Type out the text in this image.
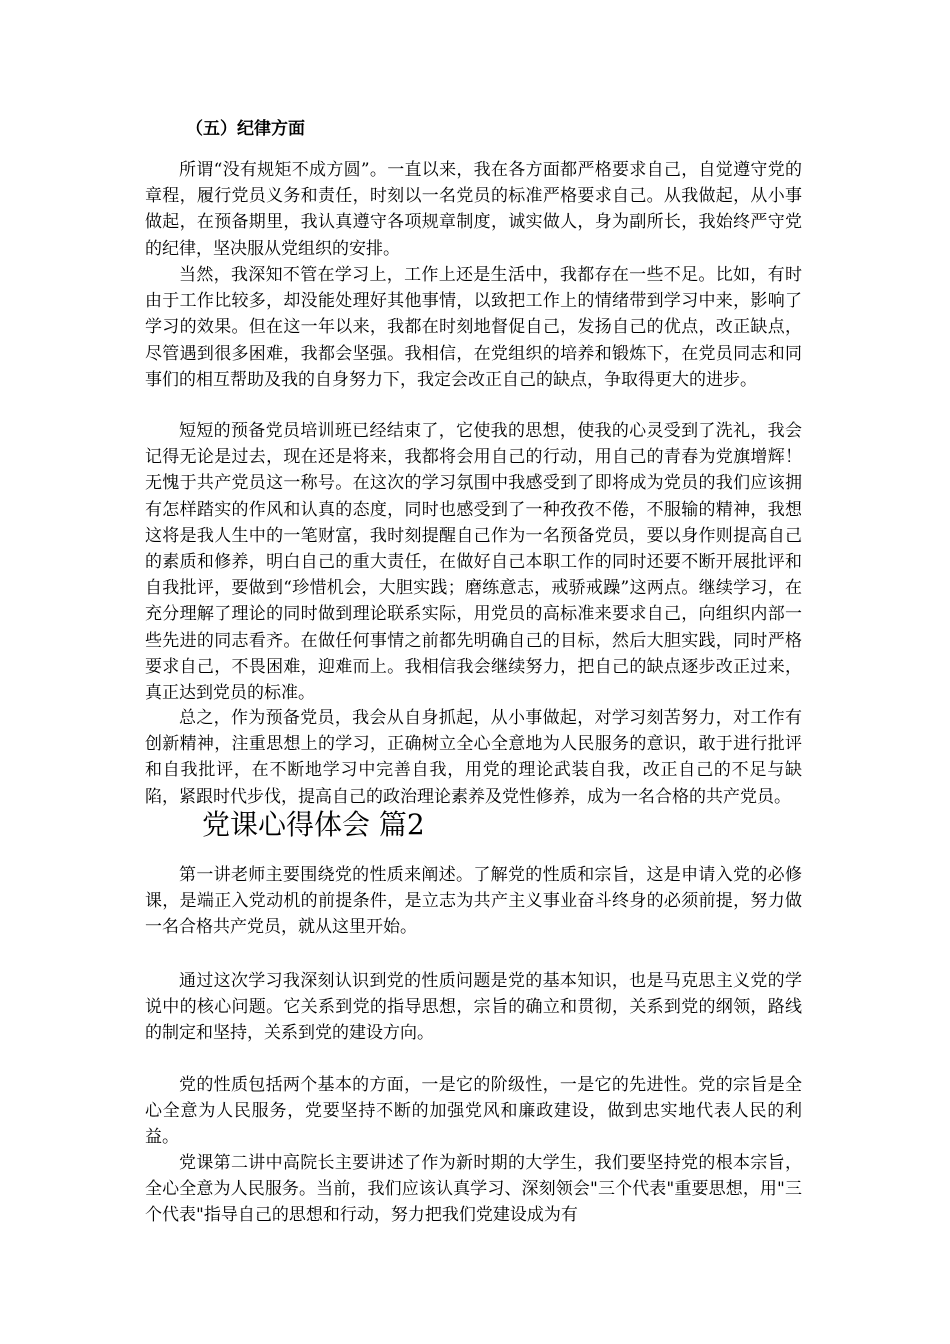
（五）纪律方面

所谓“没有规矩不成方圆”。一直以来，我在各方面都严格要求自己，自觉遵守党的章程，履行党员义务和责任，时刻以一名党员的标准严格要求自己。从我做起，从小事做起，在预备期里，我认真遵守各项规章制度，诚实做人，身为副所长，我始终严守党的纪律，坚决服从党组织的安排。

当然，我深知不管在学习上，工作上还是生活中，我都存在一些不足。比如，有时由于工作比较多，却没能处理好其他事情，以致把工作上的情绪带到学习中来，影响了学习的效果。但在这一年以来，我都在时刻地督促自己，发扬自己的优点，改正缺点，尽管遇到很多困难，我都会坚强。我相信，在党组织的培养和锻炼下，在党员同志和同事们的相互帮助及我的自身努力下，我定会改正自己的缺点，争取得更大的进步。

短短的预备党员培训班已经结束了，它使我的思想，使我的心灵受到了洗礼，我会记得无论是过去，现在还是将来，我都将会用自己的行动，用自己的青春为党旗增辉！无愧于共产党员这一称号。在这次的学习氛围中我感受到了即将成为党员的我们应该拥有怎样踏实的作风和认真的态度，同时也感受到了一种孜孜不倦，不服输的精神，我想这将是我人生中的一笔财富，我时刻提醒自己作为一名预备党员，要以身作则提高自己的素质和修养，明白自己的重大责任，在做好自己本职工作的同时还要不断开展批评和自我批评，要做到“珍惜机会，大胆实践；磨练意志，戒骄戒躁”这两点。继续学习，在充分理解了理论的同时做到理论联系实际，用党员的高标准来要求自己，向组织内部一些先进的同志看齐。在做任何事情之前都先明确自己的目标，然后大胆实践，同时严格要求自己，不畏困难，迎难而上。我相信我会继续努力，把自己的缺点逐步改正过来，真正达到党员的标准。

总之，作为预备党员，我会从自身抓起，从小事做起，对学习刻苦努力，对工作有创新精神，注重思想上的学习，正确树立全心全意地为人民服务的意识，敢于进行批评和自我批评，在不断地学习中完善自我，用党的理论武装自我，改正自己的不足与缺陷，紧跟时代步伐，提高自己的政治理论素养及党性修养，成为一名合格的共产党员。

党课心得体会 篇2

第一讲老师主要围绕党的性质来阐述。了解党的性质和宗旨，这是申请入党的必修课，是端正入党动机的前提条件，是立志为共产主义事业奋斗终身的必须前提，努力做一名合格共产党员，就从这里开始。

通过这次学习我深刻认识到党的性质问题是党的基本知识，也是马克思主义党的学说中的核心问题。它关系到党的指导思想，宗旨的确立和贯彻，关系到党的纲领，路线的制定和坚持，关系到党的建设方向。

党的性质包括两个基本的方面，一是它的阶级性，一是它的先进性。党的宗旨是全心全意为人民服务，党要坚持不断的加强党风和廉政建设，做到忠实地代表人民的利益。

党课第二讲中高院长主要讲述了作为新时期的大学生，我们要坚持党的根本宗旨，全心全意为人民服务。当前，我们应该认真学习、深刻领会"三个代表"重要思想，用"三个代表"指导自己的思想和行动，努力把我们党建设成为有
